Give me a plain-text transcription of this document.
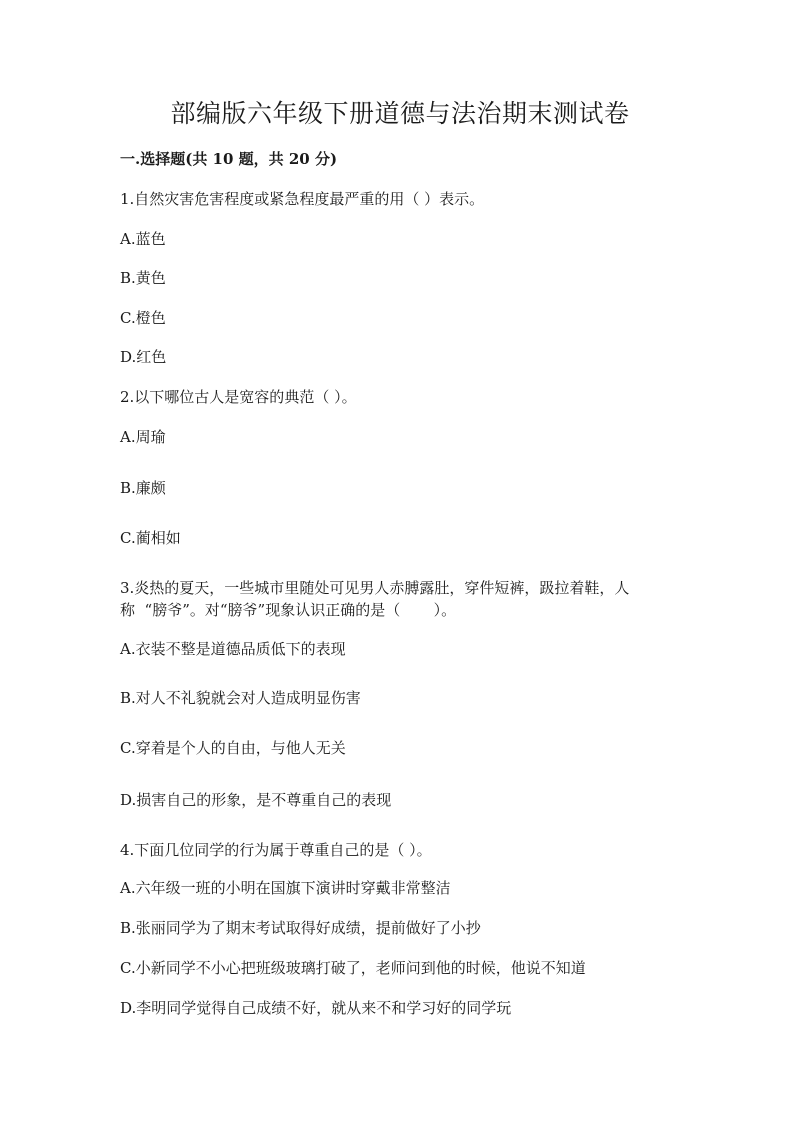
部编版六年级下册道德与法治期末测试卷
一.选择题(共 10 题，共 20 分)
1.自然灾害危害程度或紧急程度最严重的用（ ）表示。
A.蓝色
B.黄色
C.橙色
D.红色
2.以下哪位古人是宽容的典范（ ）。
A.周瑜
B.廉颇
C.蔺相如
3.炎热的夏天，一些城市里随处可见男人赤膊露肚，穿件短裤，趿拉着鞋，人
称  “膀爷”。对“膀爷”现象认识正确的是（       ）。
A.衣装不整是道德品质低下的表现
B.对人不礼貌就会对人造成明显伤害
C.穿着是个人的自由，与他人无关
D.损害自己的形象，是不尊重自己的表现
4.下面几位同学的行为属于尊重自己的是（ ）。
A.六年级一班的小明在国旗下演讲时穿戴非常整洁
B.张丽同学为了期末考试取得好成绩，提前做好了小抄
C.小新同学不小心把班级玻璃打破了，老师问到他的时候，他说不知道
D.李明同学觉得自己成绩不好，就从来不和学习好的同学玩
